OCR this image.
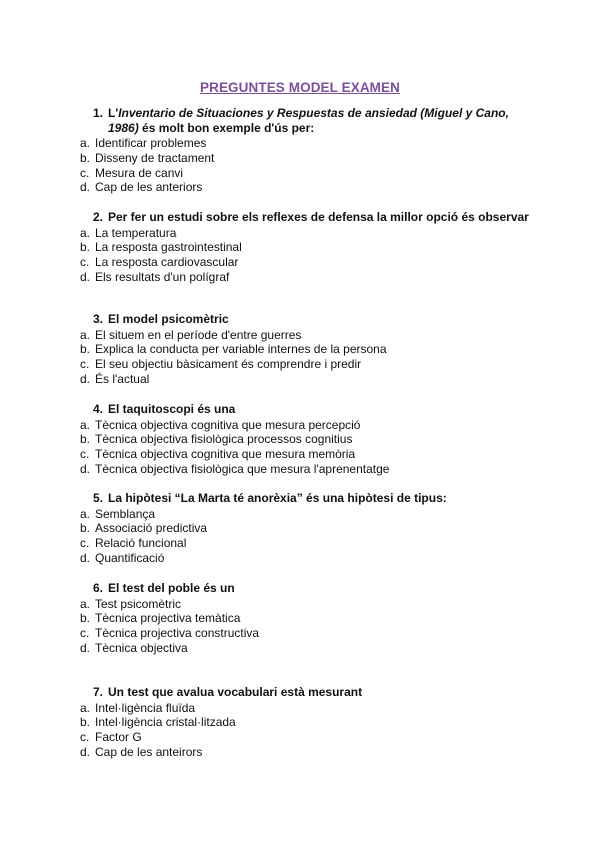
PREGUNTES MODEL EXAMEN
1. L'Inventario de Situaciones y Respuestas de ansiedad (Miguel y Cano, 1986) és molt bon exemple d'ús per:
a. Identificar problemes
b. Disseny de tractament
c. Mesura de canvi
d. Cap de les anteriors
2. Per fer un estudi sobre els reflexes de defensa la millor opció és observar
a. La temperatura
b. La resposta gastrointestinal
c. La resposta cardiovascular
d. Els resultats d'un polígraf
3. El model psicomètric
a. El situem en el període d'entre guerres
b. Explica la conducta per variable internes de la persona
c. El seu objectiu bàsicament és comprendre i predir
d. És l'actual
4. El taquitoscopi és una
a. Tècnica objectiva cognitiva que mesura percepció
b. Tècnica objectiva fisiològica processos cognitius
c. Tècnica objectiva cognitiva que mesura memòria
d. Tècnica objectiva fisiològica que mesura l'aprenentatge
5. La hipòtesi “La Marta té anorèxia” és una hipòtesi de tipus:
a. Semblança
b. Associació predictiva
c. Relació funcional
d. Quantificació
6. El test del poble és un
a. Test psicomètric
b. Tècnica projectiva temàtica
c. Tècnica projectiva constructiva
d. Tècnica objectiva
7. Un test que avalua vocabulari està mesurant
a. Intel·ligència fluïda
b. Intel·ligència cristal·litzada
c. Factor G
d. Cap de les anteirors
